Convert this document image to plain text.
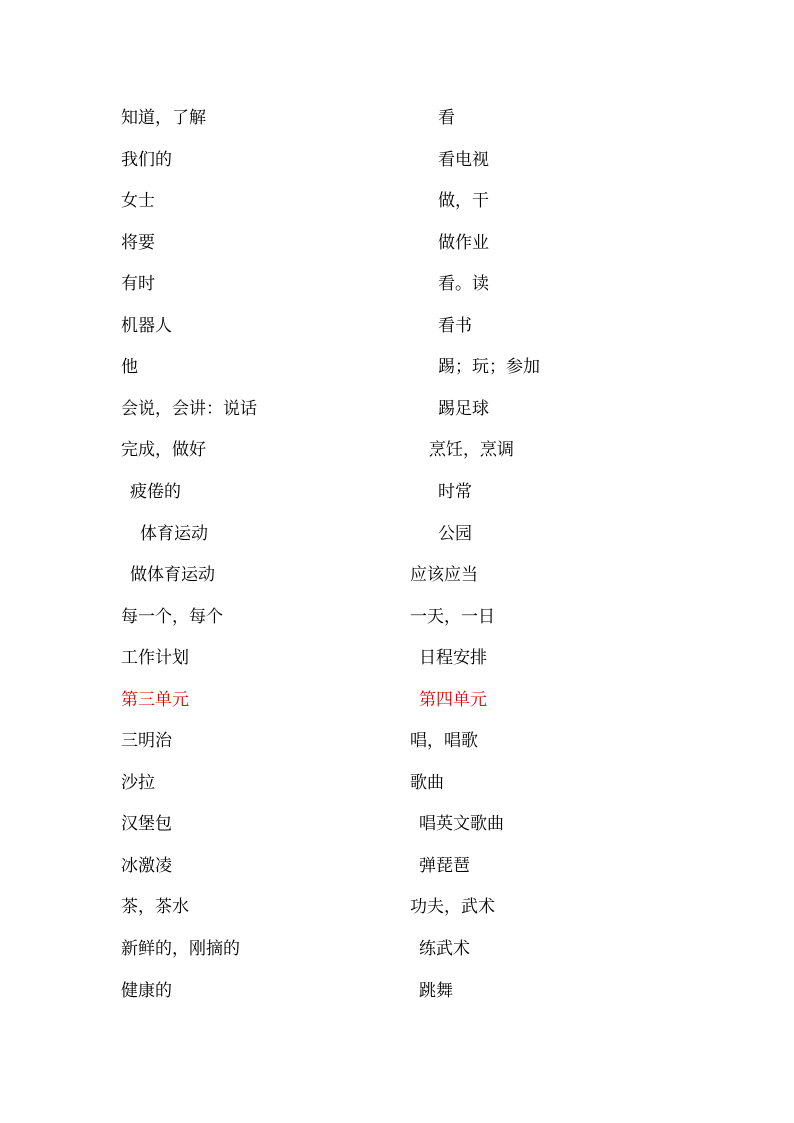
知道，了解	看
我们的	看电视
女士	做，干
将要	做作业
有时	看。读
机器人	看书
他	踢；玩；参加
会说，会讲：说话	踢足球
完成，做好	烹饪，烹调
疲倦的	时常
体育运动	公园
做体育运动	应该应当
每一个，每个	一天，一日
工作计划	日程安排
第三单元	第四单元
三明治	唱，唱歌
沙拉	歌曲
汉堡包	唱英文歌曲
冰激凌	弹琵琶
茶，茶水	功夫，武术
新鲜的，刚摘的	练武术
健康的	跳舞
